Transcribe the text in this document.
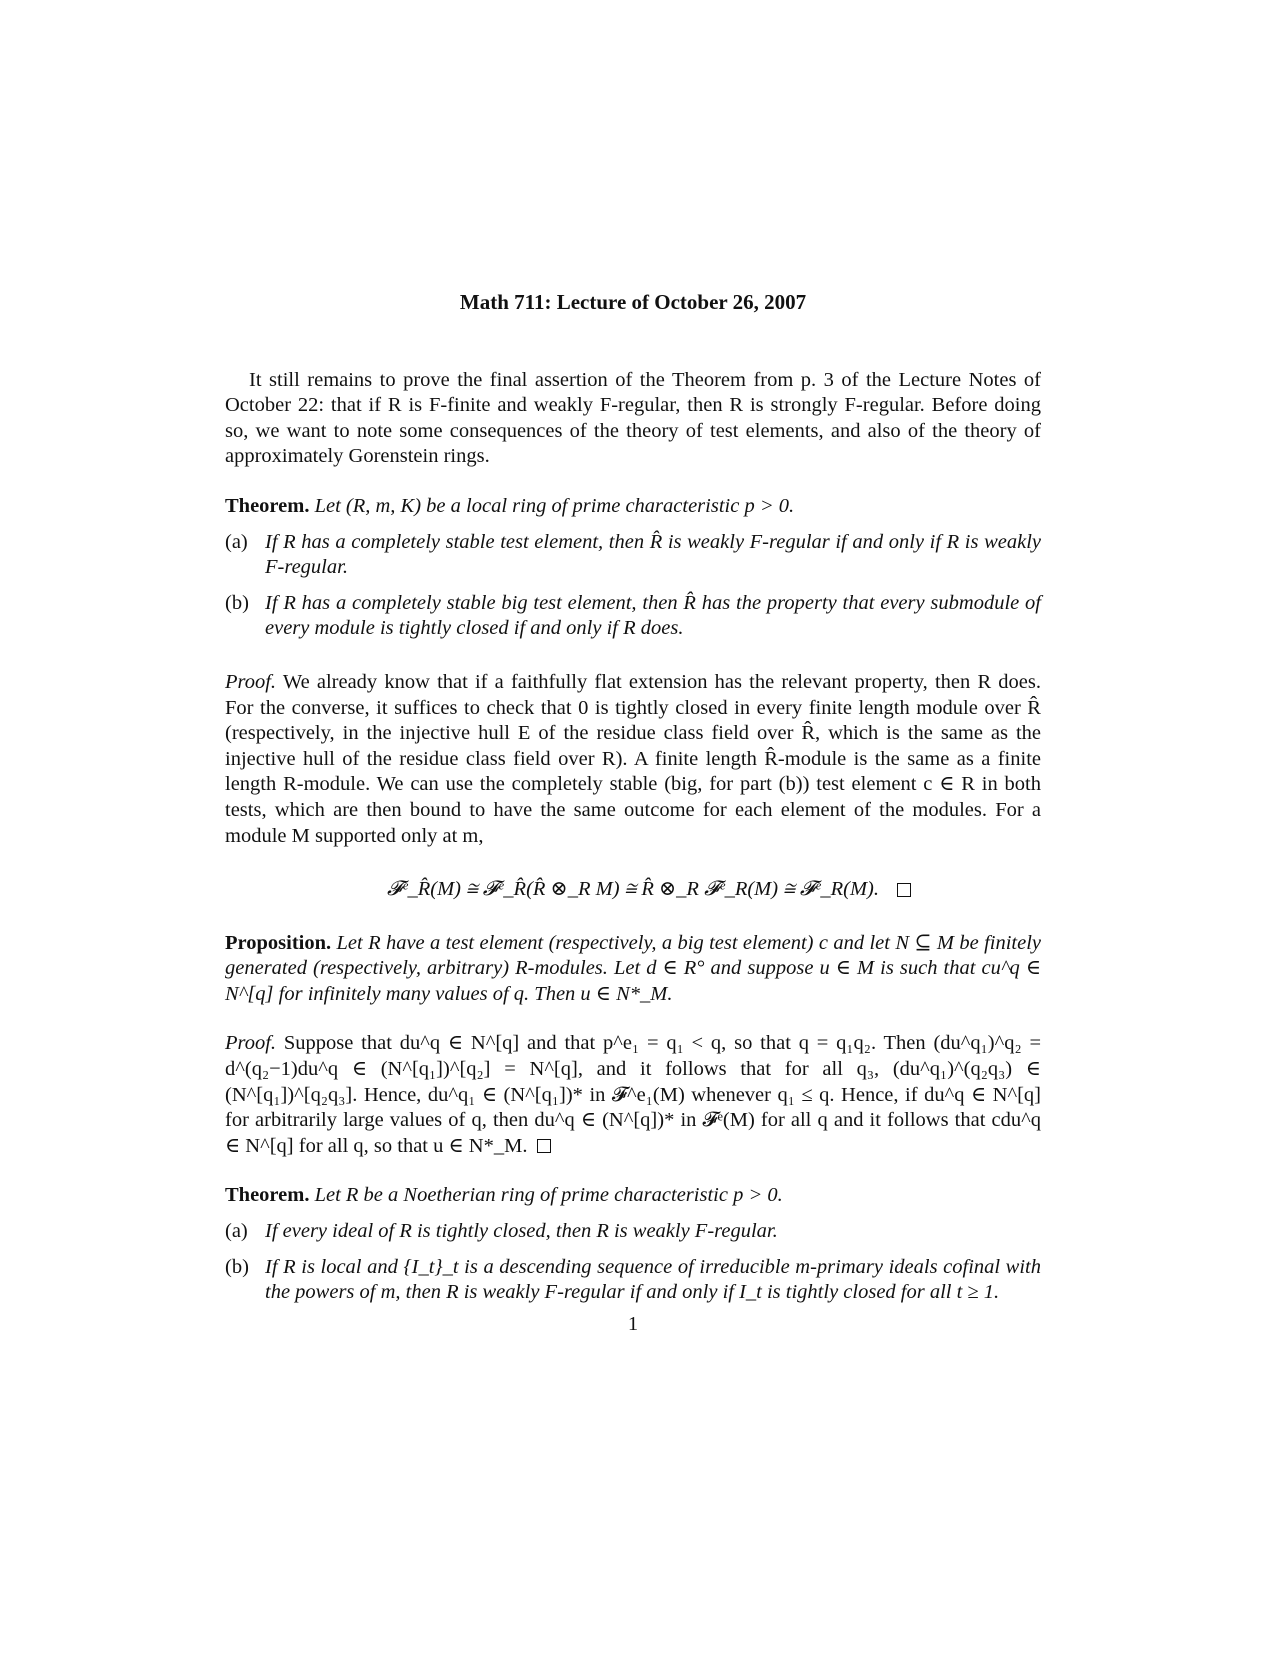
Math 711: Lecture of October 26, 2007

It still remains to prove the final assertion of the Theorem from p. 3 of the Lecture Notes of October 22: that if R is F-finite and weakly F-regular, then R is strongly F-regular. Before doing so, we want to note some consequences of the theory of test elements, and also of the theory of approximately Gorenstein rings.

Theorem. Let (R, m, K) be a local ring of prime characteristic p > 0.

(a) If R has a completely stable test element, then R̂ is weakly F-regular if and only if R is weakly F-regular.
(b) If R has a completely stable big test element, then R̂ has the property that every submodule of every module is tightly closed if and only if R does.

Proof. We already know that if a faithfully flat extension has the relevant property, then R does. For the converse, it suffices to check that 0 is tightly closed in every finite length module over R̂ (respectively, in the injective hull E of the residue class field over R̂, which is the same as the injective hull of the residue class field over R). A finite length R̂-module is the same as a finite length R-module. We can use the completely stable (big, for part (b)) test element c ∈ R in both tests, which are then bound to have the same outcome for each element of the modules. For a module M supported only at m,

𝓕ᵉ_R̂(M) ≅ 𝓕ᵉ_R̂(R̂ ⊗_R M) ≅ R̂ ⊗_R 𝓕ᵉ_R(M) ≅ 𝓕ᵉ_R(M).

Proposition. Let R have a test element (respectively, a big test element) c and let N ⊆ M be finitely generated (respectively, arbitrary) R-modules. Let d ∈ R° and suppose u ∈ M is such that cu^q ∈ N^[q] for infinitely many values of q. Then u ∈ N*_M.

Proof. Suppose that du^q ∈ N^[q] and that p^e₁ = q₁ < q, so that q = q₁q₂. Then (du^q₁)^q₂ = d^(q₂−1)du^q ∈ (N^[q₁])^[q₂] = N^[q], and it follows that for all q₃, (du^q₁)^(q₂q₃) ∈ (N^[q₁])^[q₂q₃]. Hence, du^q₁ ∈ (N^[q₁])* in 𝓕^e₁(M) whenever q₁ ≤ q. Hence, if du^q ∈ N^[q] for arbitrarily large values of q, then du^q ∈ (N^[q])* in 𝓕ᵉ(M) for all q and it follows that cdu^q ∈ N^[q] for all q, so that u ∈ N*_M.

Theorem. Let R be a Noetherian ring of prime characteristic p > 0.

(a) If every ideal of R is tightly closed, then R is weakly F-regular.
(b) If R is local and {I_t}_t is a descending sequence of irreducible m-primary ideals cofinal with the powers of m, then R is weakly F-regular if and only if I_t is tightly closed for all t ≥ 1.
1
